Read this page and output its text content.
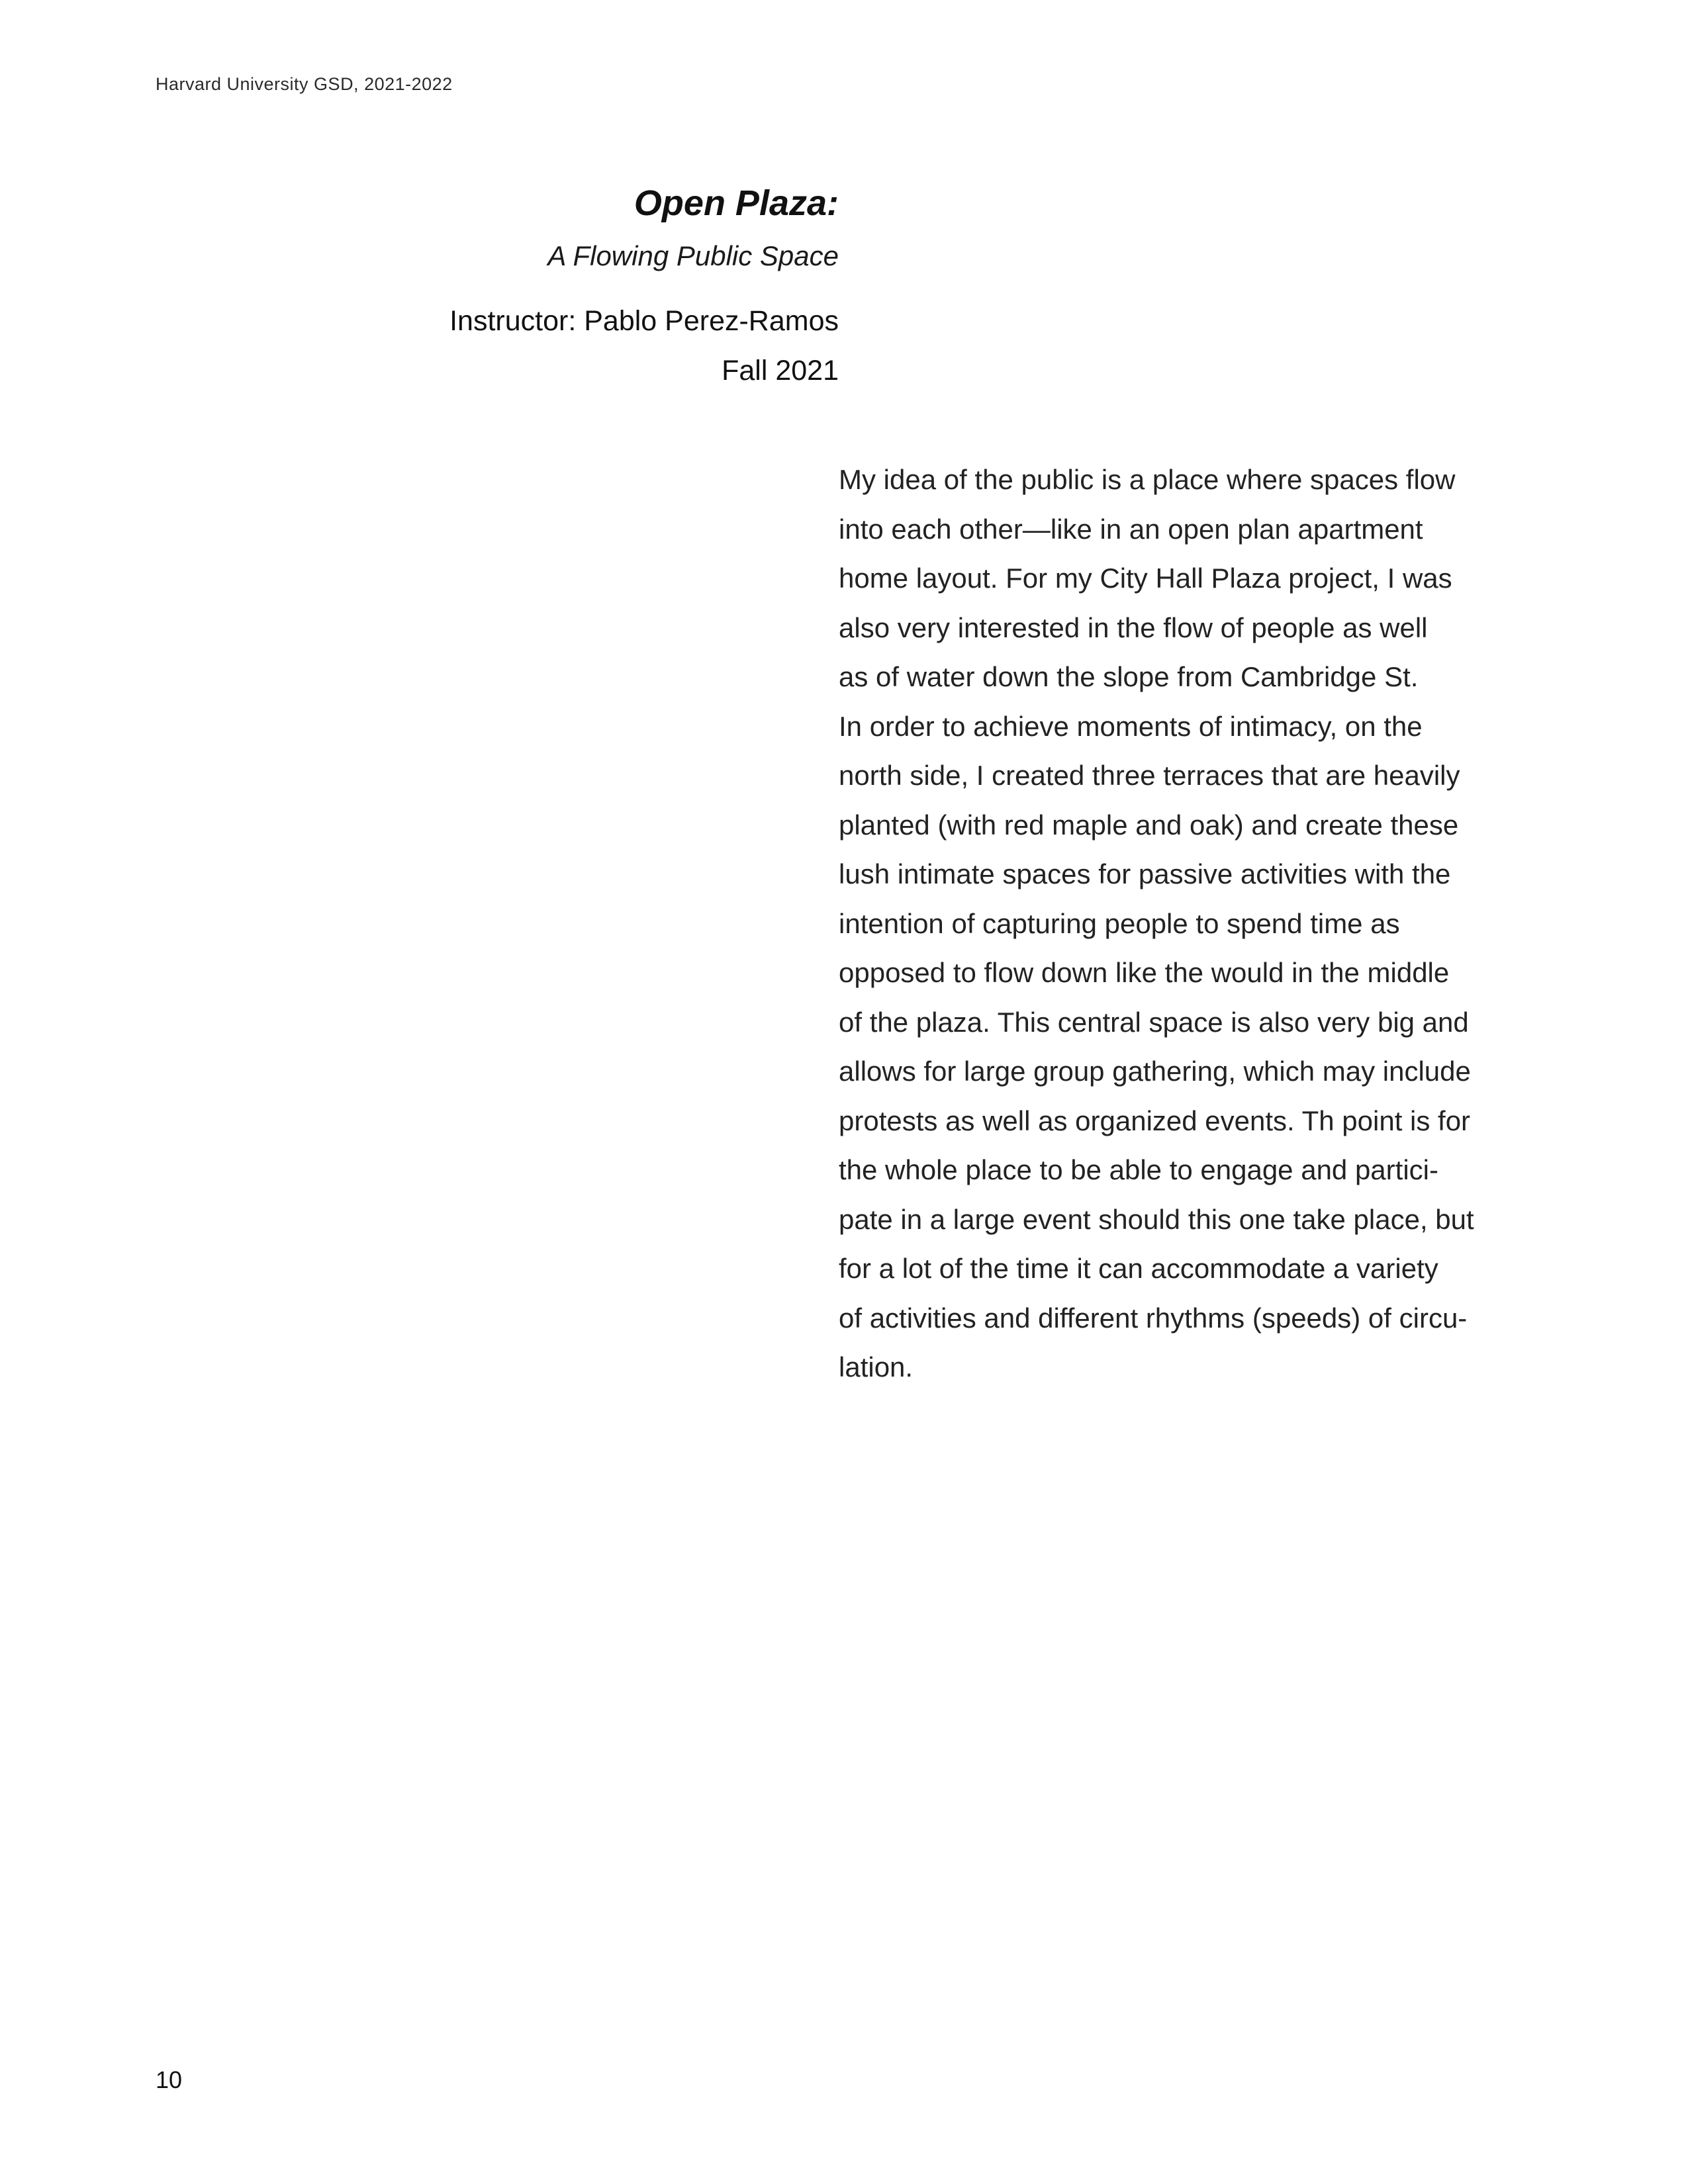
Harvard University GSD, 2021-2022
Open Plaza:
A Flowing Public Space
Instructor: Pablo Perez-Ramos
Fall 2021
My idea of the public is a place where spaces flow
into each other—like in an open plan apartment
home layout. For my City Hall Plaza project, I was
also very interested in the flow of people as well
as of water down the slope from Cambridge St.
In order to achieve moments of intimacy, on the
north side, I created three terraces that are heavily
planted (with red maple and oak) and create these
lush intimate spaces for passive activities with the
intention of capturing people to spend time as
opposed to flow down like the would in the middle
of the plaza. This central space is also very big and
allows for large group gathering, which may include
protests as well as organized events. Th point is for
the whole place to be able to engage and partici-
pate in a large event should this one take place, but
for a lot of the time it can accommodate a variety
of activities and different rhythms (speeds) of circu-
lation.
10
